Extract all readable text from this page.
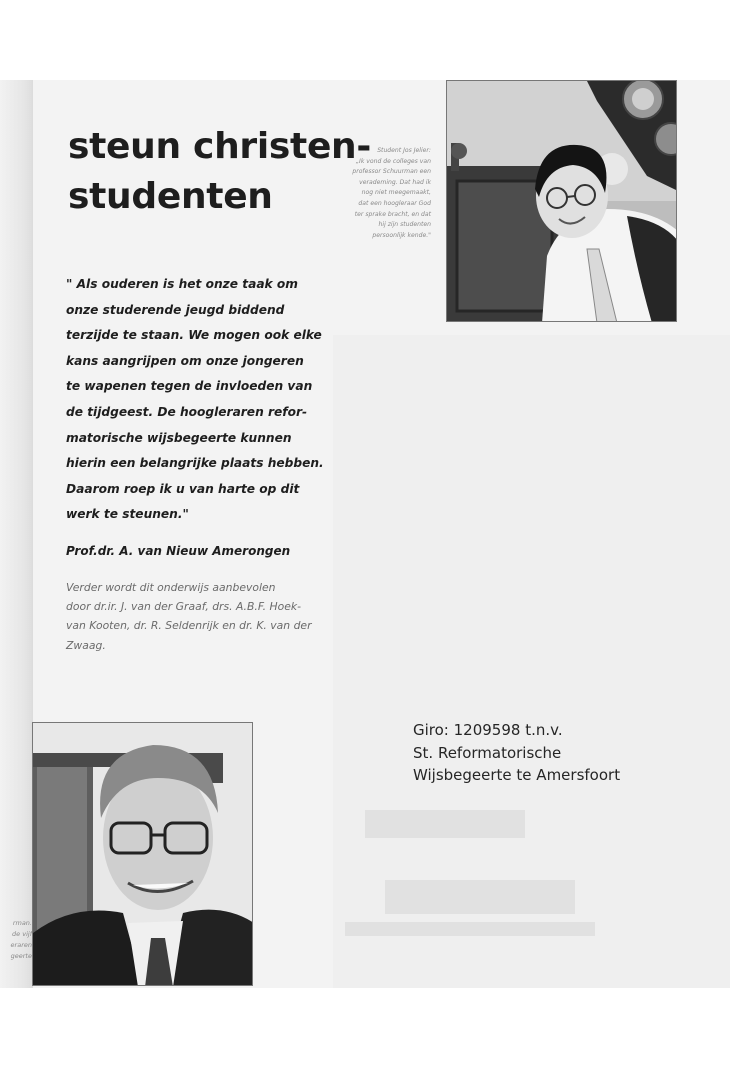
steun christen-
studenten
Student Jos Jelier:
„Ik vond de colleges van
professor Schuurman een
verademing. Dat had ik
nog niet meegemaakt,
dat een hoogleraar God
ter sprake bracht, en dat
hij zijn studenten
persoonlijk kende."
" Als ouderen is het onze taak om
onze studerende jeugd biddend
terzijde te staan. We mogen ook elke
kans aangrijpen om onze jongeren
te wapenen tegen de invloeden van
de tijdgeest. De hoogleraren refor-
matorische wijsbegeerte kunnen
hierin een belangrijke plaats hebben.
Daarom roep ik u van harte op dit
werk te steunen."
Prof.dr. A. van Nieuw Amerongen
Verder wordt dit onderwijs aanbevolen
door dr.ir. J. van der Graaf, drs. A.B.F. Hoek-
van Kooten, dr. R. Seldenrijk en dr. K. van der
Zwaag.
Giro: 1209598 t.n.v.
St. Reformatorische
Wijsbegeerte te Amersfoort
rman.
de vijf
eraren
geerte
